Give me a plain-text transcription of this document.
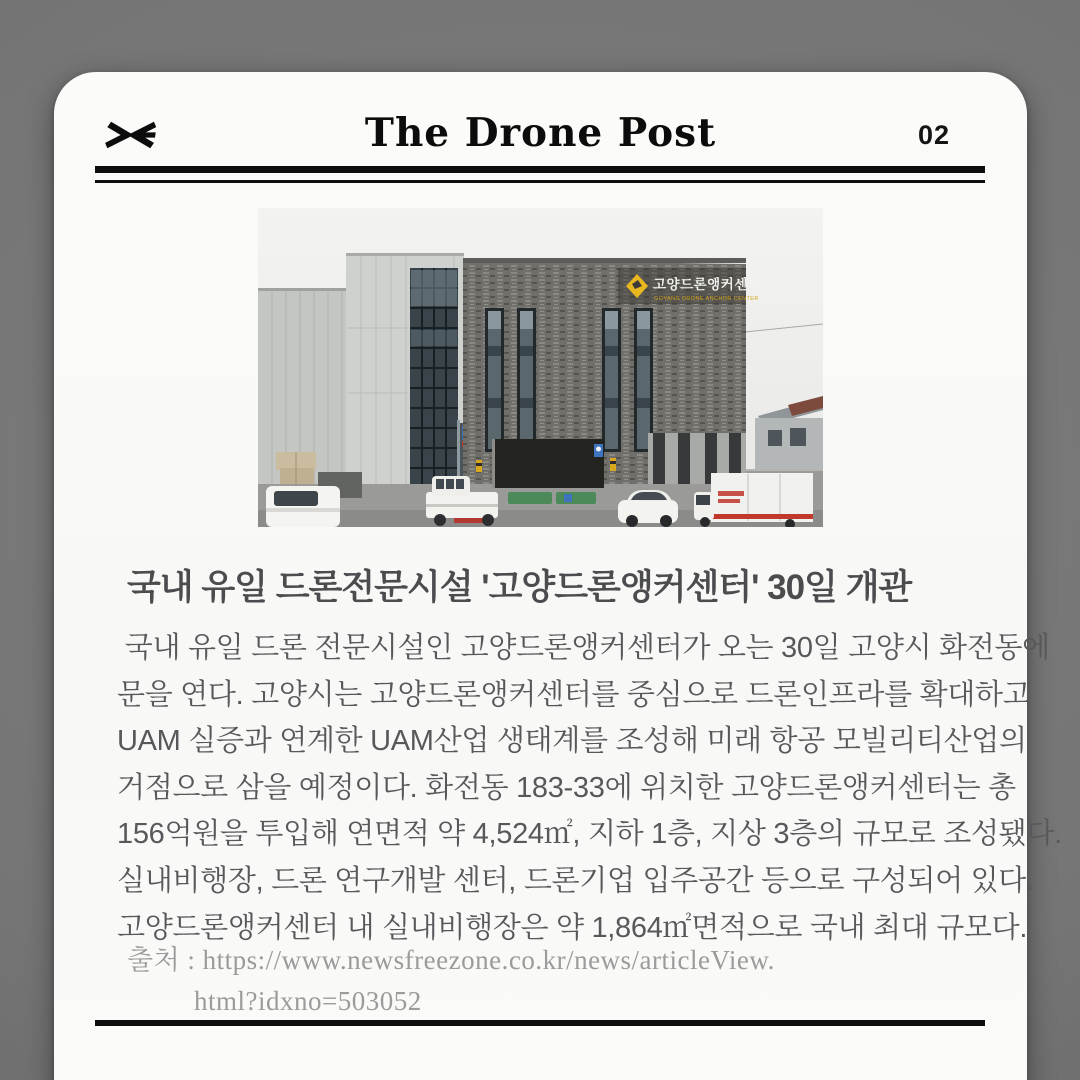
The Drone Post	02
고양드론앵커센터
GOYANG DRONE ANCHOR CENTER
국내 유일 드론전문시설 '고양드론앵커센터' 30일 개관
국내 유일 드론 전문시설인 고양드론앵커센터가 오는 30일 고양시 화전동에
문을 연다. 고양시는 고양드론앵커센터를 중심으로 드론인프라를 확대하고
UAM 실증과 연계한 UAM산업 생태계를 조성해 미래 항공 모빌리티산업의
거점으로 삼을 예정이다. 화전동 183-33에 위치한 고양드론앵커센터는 총
156억원을 투입해 연면적 약 4,524㎡, 지하 1층, 지상 3층의 규모로 조성됐다.
실내비행장, 드론 연구개발 센터, 드론기업 입주공간 등으로 구성되어 있다.
고양드론앵커센터 내 실내비행장은 약 1,864㎡면적으로 국내 최대 규모다.
출처 : https://www.newsfreezone.co.kr/news/articleView.
html?idxno=503052
